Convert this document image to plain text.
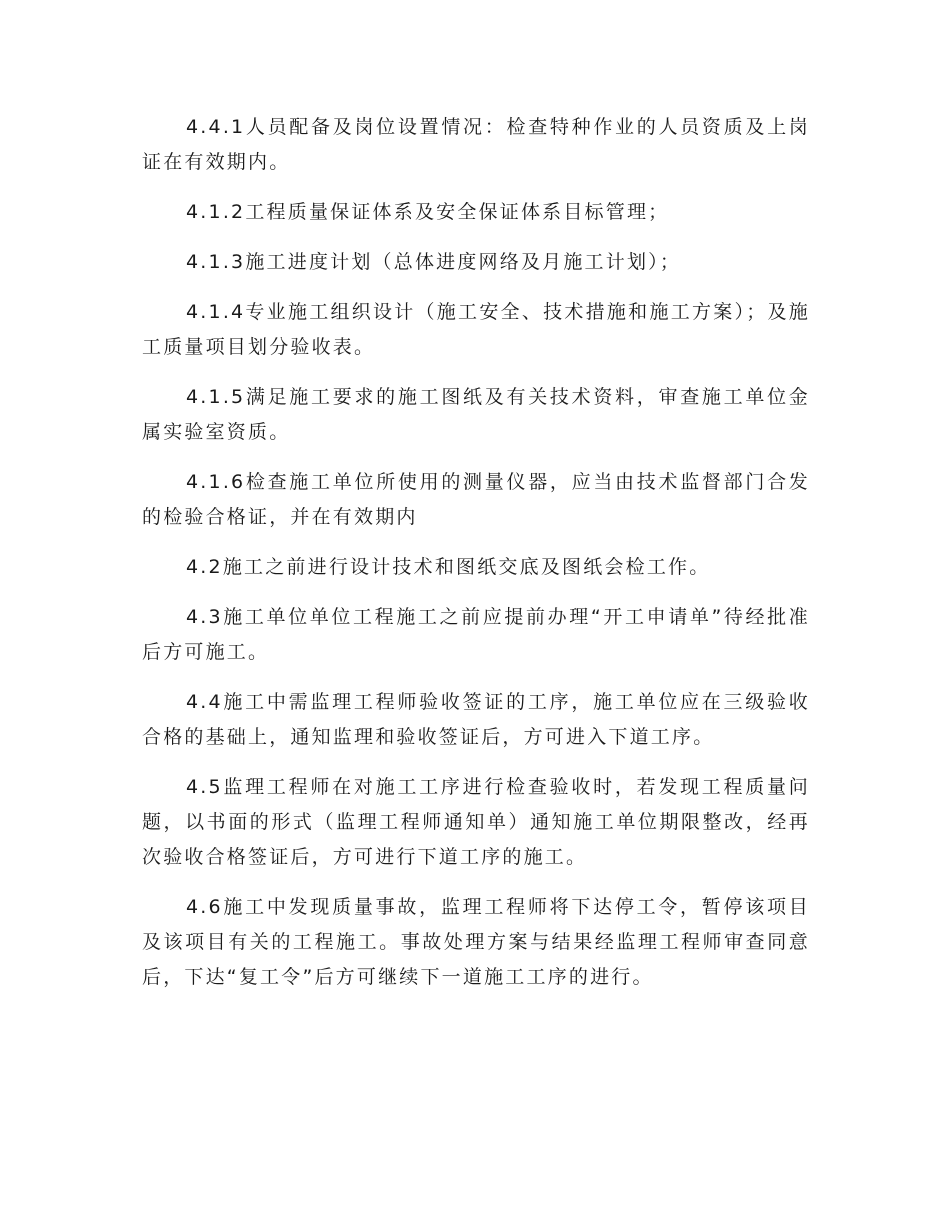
4.4.1人员配备及岗位设置情况：检查特种作业的人员资质及上岗证在有效期内。

4.1.2工程质量保证体系及安全保证体系目标管理；

4.1.3施工进度计划（总体进度网络及月施工计划）；

4.1.4专业施工组织设计（施工安全、技术措施和施工方案）；及施工质量项目划分验收表。

4.1.5满足施工要求的施工图纸及有关技术资料，审查施工单位金属实验室资质。

4.1.6检查施工单位所使用的测量仪器，应当由技术监督部门合发的检验合格证，并在有效期内

4.2施工之前进行设计技术和图纸交底及图纸会检工作。

4.3施工单位单位工程施工之前应提前办理“开工申请单”待经批准后方可施工。

4.4施工中需监理工程师验收签证的工序，施工单位应在三级验收合格的基础上，通知监理和验收签证后，方可进入下道工序。

4.5监理工程师在对施工工序进行检查验收时，若发现工程质量问题，以书面的形式（监理工程师通知单）通知施工单位期限整改，经再次验收合格签证后，方可进行下道工序的施工。

4.6施工中发现质量事故，监理工程师将下达停工令，暂停该项目及该项目有关的工程施工。事故处理方案与结果经监理工程师审查同意后，下达“复工令”后方可继续下一道施工工序的进行。
